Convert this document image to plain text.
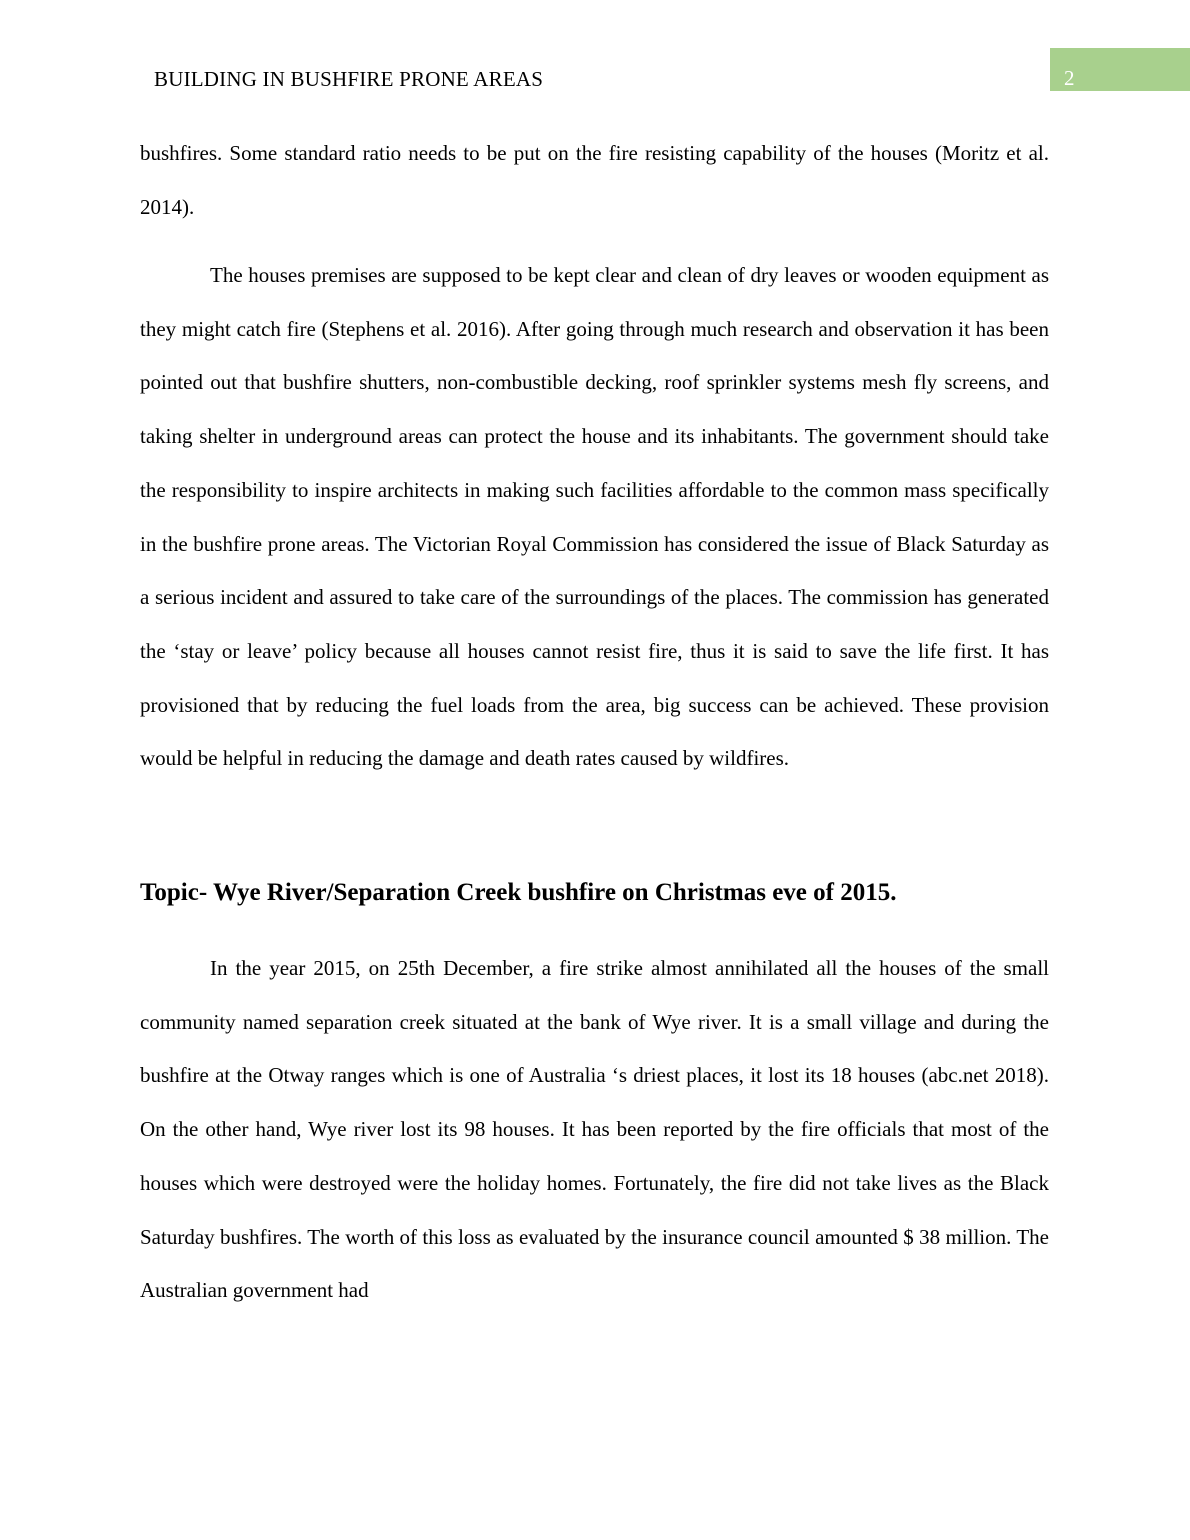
BUILDING IN BUSHFIRE PRONE AREAS	2

bushfires. Some standard ratio needs to be put on the fire resisting capability of the houses (Moritz et al. 2014).

The houses premises are supposed to be kept clear and clean of dry leaves or wooden equipment as they might catch fire (Stephens et al. 2016). After going through much research and observation it has been pointed out that bushfire shutters, non-combustible decking, roof sprinkler systems mesh fly screens, and taking shelter in underground areas can protect the house and its inhabitants. The government should take the responsibility to inspire architects in making such facilities affordable to the common mass specifically in the bushfire prone areas. The Victorian Royal Commission has considered the issue of Black Saturday as a serious incident and assured to take care of the surroundings of the places. The commission has generated the ‘stay or leave’ policy because all houses cannot resist fire, thus it is said to save the life first. It has provisioned that by reducing the fuel loads from the area, big success can be achieved. These provision would be helpful in reducing the damage and death rates caused by wildfires.

Topic- Wye River/Separation Creek bushfire on Christmas eve of 2015.

In the year 2015, on 25th December, a fire strike almost annihilated all the houses of the small community named separation creek situated at the bank of Wye river. It is a small village and during the bushfire at the Otway ranges which is one of Australia ‘s driest places, it lost its 18 houses (abc.net 2018). On the other hand, Wye river lost its 98 houses. It has been reported by the fire officials that most of the houses which were destroyed were the holiday homes. Fortunately, the fire did not take lives as the Black Saturday bushfires. The worth of this loss as evaluated by the insurance council amounted $ 38 million. The Australian government had
